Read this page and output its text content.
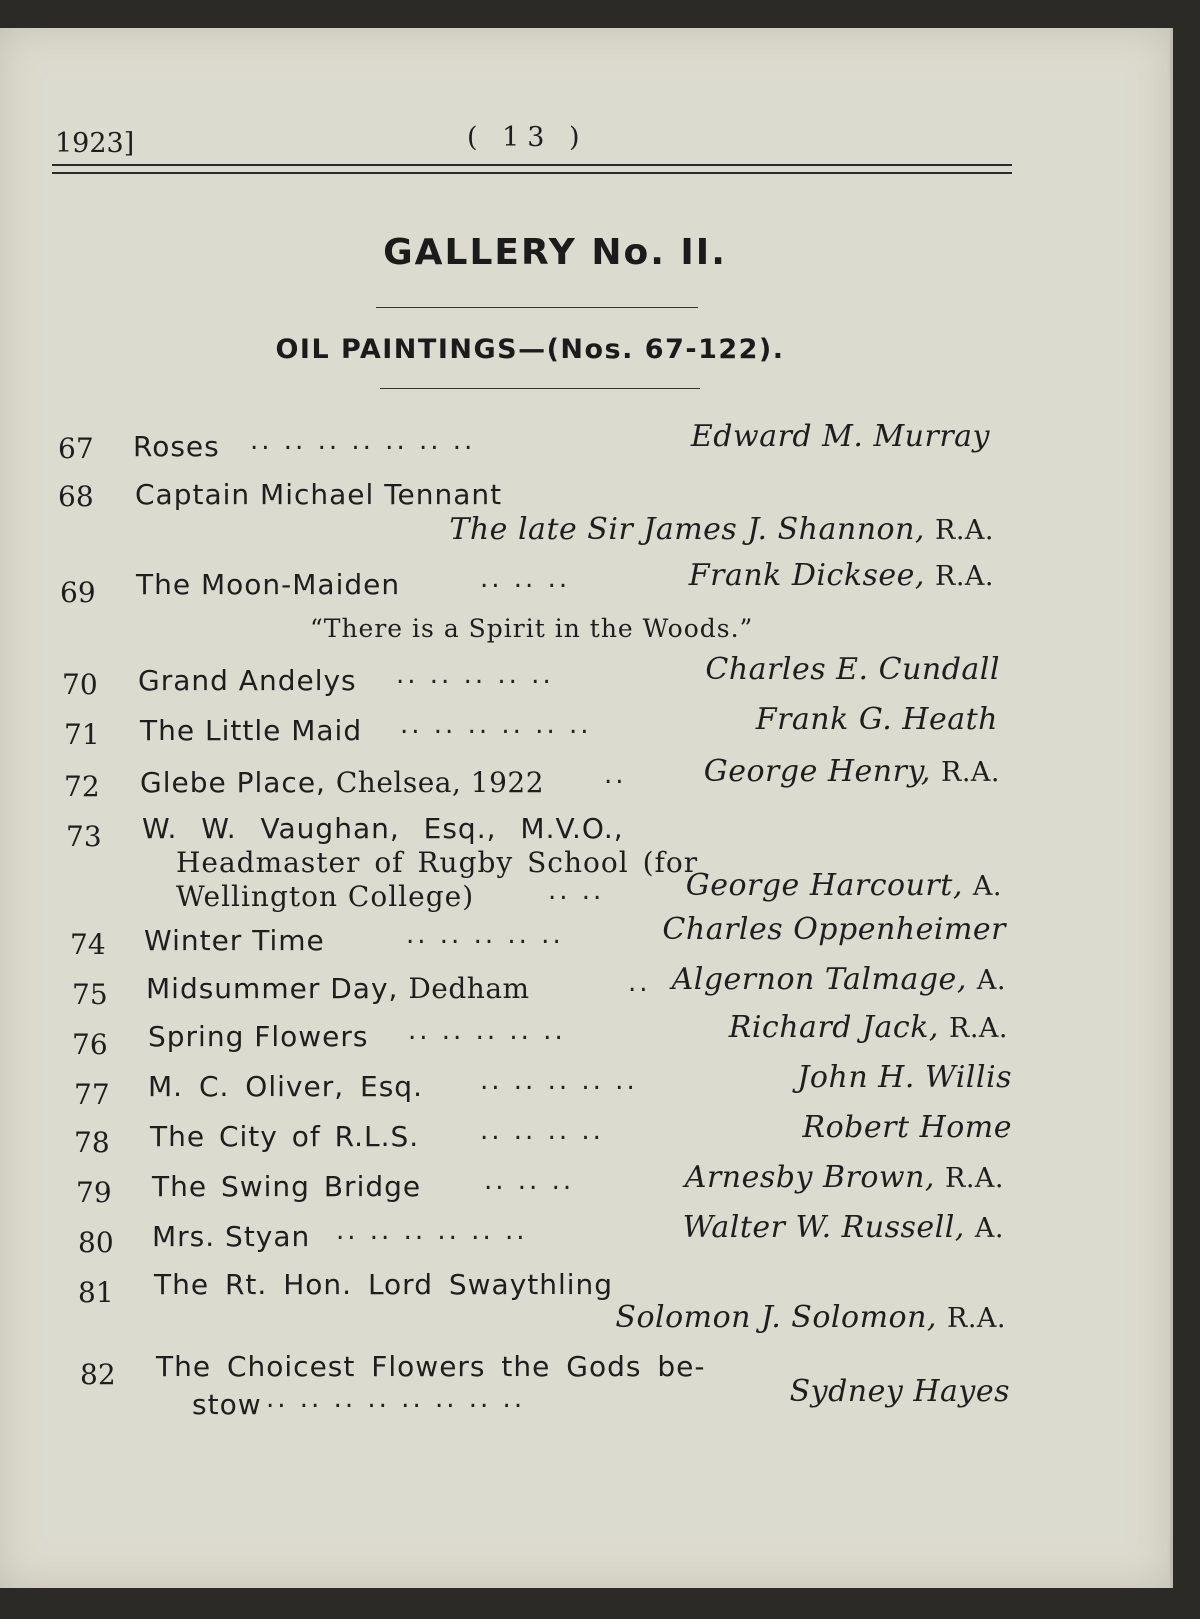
1923]	( 13 )
GALLERY No. II.
OIL PAINTINGS—(Nos. 67-122).
67 Roses .. .. .. .. .. .. ..	Edward M. Murray
68 Captain Michael Tennant
The late Sir James J. Shannon, R.A.
69 The Moon-Maiden	.. .. ..	Frank Dicksee, R.A.
“There is a Spirit in the Woods.”
70 Grand Andelys .. .. .. .. ..	Charles E. Cundall
71 The Little Maid .. .. .. .. .. ..	Frank G. Heath
72 Glebe Place, Chelsea, 1922 ..	George Henry, R.A.
73 W. W. Vaughan, Esq., M.V.O.,
Headmaster of Rugby School (for
Wellington College)	.. ..	George Harcourt, A.
74 Winter Time	.. .. .. .. ..	Charles Oppenheimer
75 Midsummer Day, Dedham	.. Algernon Talmage, A.
76 Spring Flowers .. .. .. .. ..	Richard Jack, R.A.
77 M. C. Oliver, Esq. .. .. .. .. ..	John H. Willis
78 The City of R.L.S. .. .. .. ..	Robert Home
79 The Swing Bridge .. .. ..	Arnesby Brown, R.A.
80 Mrs. Styan .. .. .. .. .. ..	Walter W. Russell, A.
81 The Rt. Hon. Lord Swaythling
Solomon J. Solomon, R.A.
82 The Choicest Flowers the Gods be-
stow .. .. .. .. .. .. .. ..	Sydney Hayes
